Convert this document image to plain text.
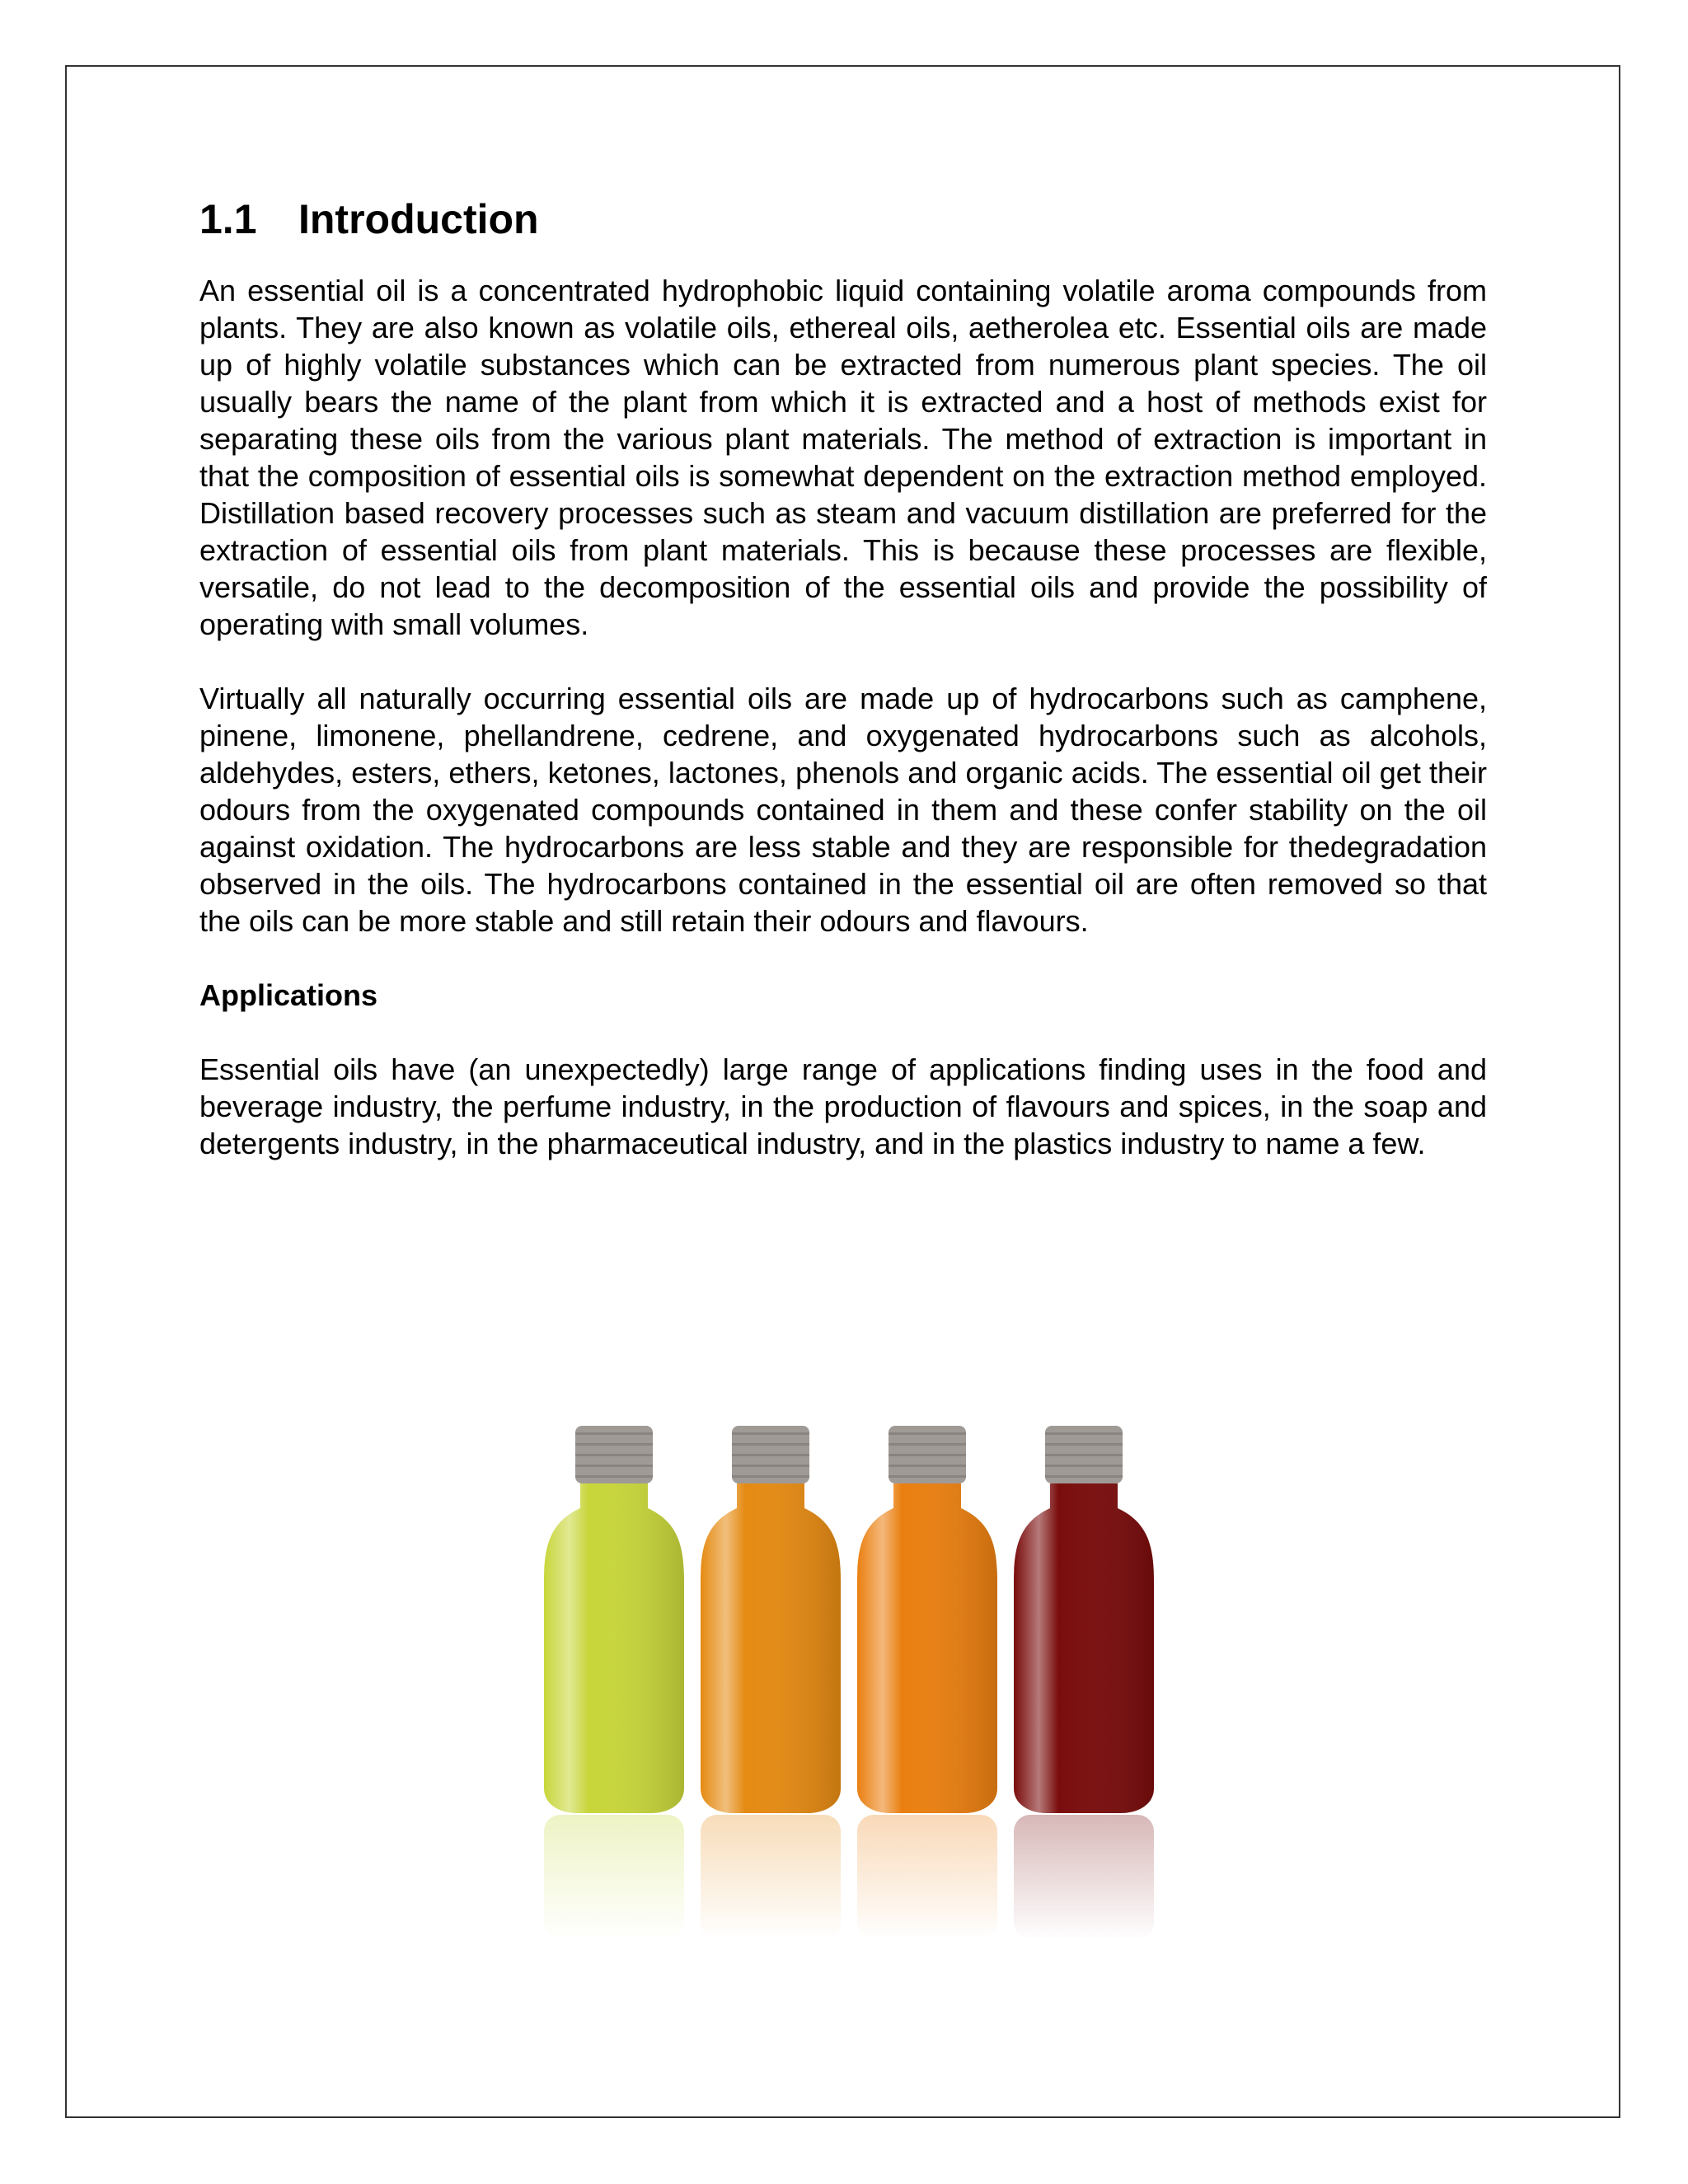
1.1 Introduction

An essential oil is a concentrated hydrophobic liquid containing volatile aroma compounds from plants. They are also known as volatile oils, ethereal oils, aetherolea etc. Essential oils are made up of highly volatile substances which can be extracted from numerous plant species. The oil usually bears the name of the plant from which it is extracted and a host of methods exist for separating these oils from the various plant materials. The method of extraction is important in that the composition of essential oils is somewhat dependent on the extraction method employed. Distillation based recovery processes such as steam and vacuum distillation are preferred for the extraction of essential oils from plant materials. This is because these processes are flexible, versatile, do not lead to the decomposition of the essential oils and provide the possibility of operating with small volumes.

Virtually all naturally occurring essential oils are made up of hydrocarbons such as camphene, pinene, limonene, phellandrene, cedrene, and oxygenated hydrocarbons such as alcohols, aldehydes, esters, ethers, ketones, lactones, phenols and organic acids. The essential oil get their odours from the oxygenated compounds contained in them and these confer stability on the oil against oxidation. The hydrocarbons are less stable and they are responsible for thedegradation observed in the oils. The hydrocarbons contained in the essential oil are often removed so that the oils can be more stable and still retain their odours and flavours.

Applications

Essential oils have (an unexpectedly) large range of applications finding uses in the food and beverage industry, the perfume industry, in the production of flavours and spices, in the soap and detergents industry, in the pharmaceutical industry, and in the plastics industry to name a few.
